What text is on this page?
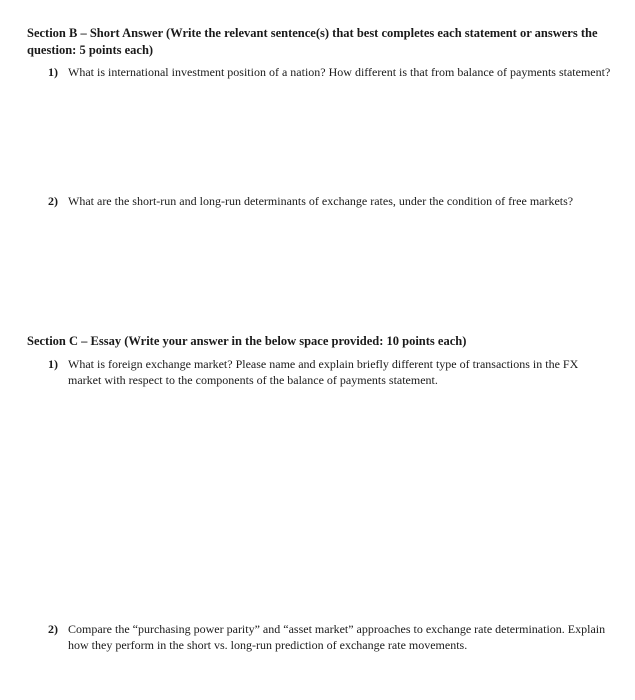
Section B – Short Answer (Write the relevant sentence(s) that best completes each statement or answers the question: 5 points each)
1) What is international investment position of a nation? How different is that from balance of payments statement?
2) What are the short-run and long-run determinants of exchange rates, under the condition of free markets?
Section C – Essay (Write your answer in the below space provided: 10 points each)
1) What is foreign exchange market? Please name and explain briefly different type of transactions in the FX market with respect to the components of the balance of payments statement.
2) Compare the “purchasing power parity” and “asset market” approaches to exchange rate determination. Explain how they perform in the short vs. long-run prediction of exchange rate movements.
